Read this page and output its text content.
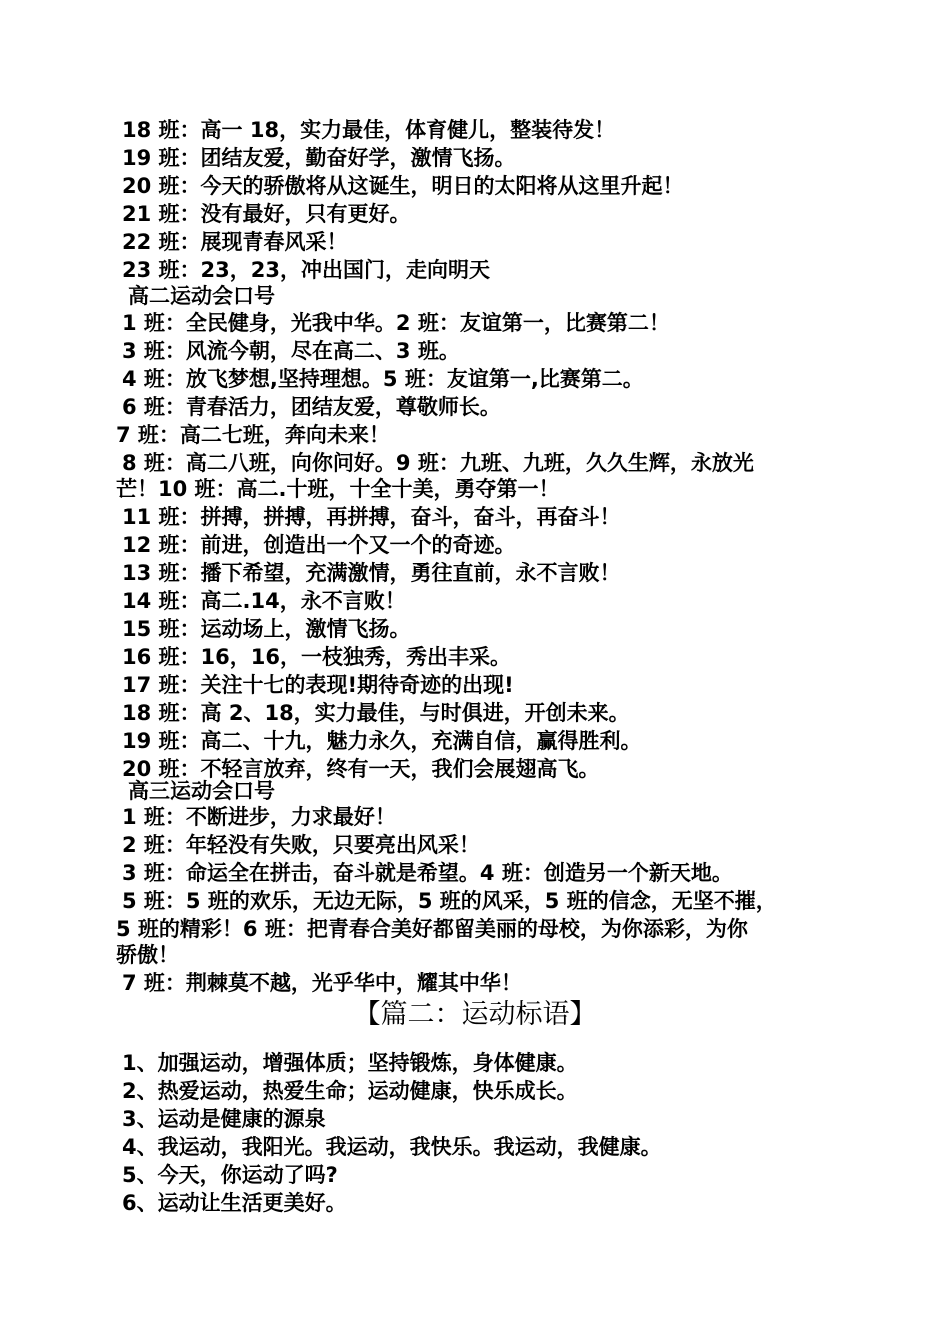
18 班：高一 18，实力最佳，体育健儿，整装待发！
19 班：团结友爱，勤奋好学，激情飞扬。
20 班：今天的骄傲将从这诞生，明日的太阳将从这里升起！
21 班：没有最好，只有更好。
22 班：展现青春风采！
23 班：23，23，冲出国门，走向明天
高二运动会口号
1 班：全民健身，光我中华。2 班：友谊第一，比赛第二！
3 班：风流今朝，尽在高二、3 班。
4 班：放飞梦想,坚持理想。5 班：友谊第一,比赛第二。
6 班：青春活力，团结友爱，尊敬师长。
7 班：高二七班，奔向未来！
8 班：高二八班，向你问好。9 班：九班、九班，久久生辉，永放光
芒！10 班：高二.十班，十全十美，勇夺第一！
11 班：拼搏，拼搏，再拼搏，奋斗，奋斗，再奋斗！
12 班：前进，创造出一个又一个的奇迹。
13 班：播下希望，充满激情，勇往直前，永不言败！
14 班：高二.14，永不言败！
15 班：运动场上，激情飞扬。
16 班：16，16，一枝独秀，秀出丰采。
17 班：关注十七的表现!期待奇迹的出现!
18 班：高 2、18，实力最佳，与时俱进，开创未来。
19 班：高二、十九，魅力永久，充满自信，赢得胜利。
20 班：不轻言放弃，终有一天，我们会展翅高飞。
高三运动会口号
1 班：不断进步，力求最好！
2 班：年轻没有失败，只要亮出风采！
3 班：命运全在拼击，奋斗就是希望。4 班：创造另一个新天地。
5 班：5 班的欢乐，无边无际，5 班的风采，5 班的信念，无坚不摧，
5 班的精彩！6 班：把青春合美好都留美丽的母校，为你添彩，为你
骄傲！
7 班：荆棘莫不越，光乎华中，耀其中华！
【篇二：运动标语】
1、加强运动，增强体质；坚持锻炼，身体健康。
2、热爱运动，热爱生命；运动健康，快乐成长。
3、运动是健康的源泉
4、我运动，我阳光。我运动，我快乐。我运动，我健康。
5、今天，你运动了吗?
6、运动让生活更美好。
